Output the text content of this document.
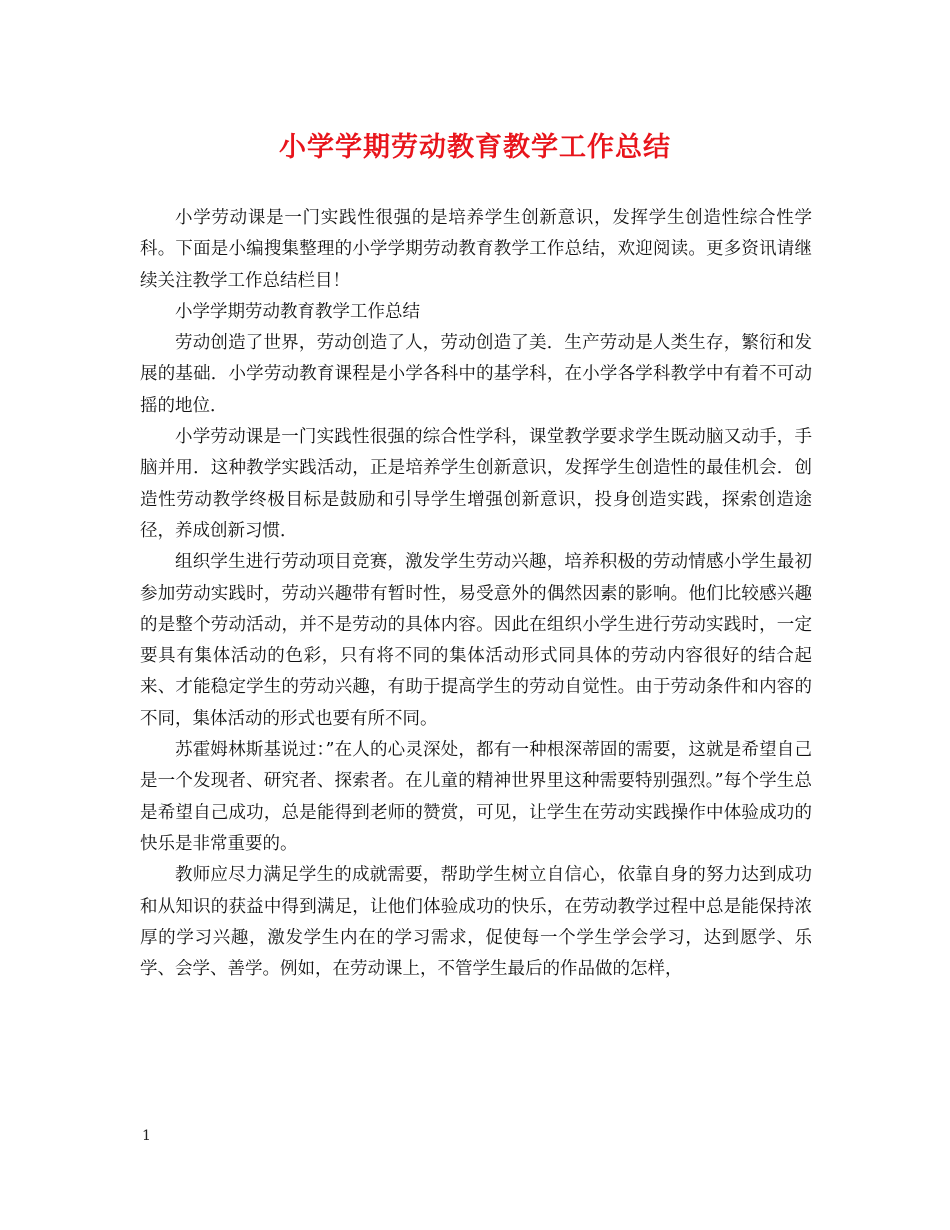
小学学期劳动教育教学工作总结

小学劳动课是一门实践性很强的是培养学生创新意识，发挥学生创造性综合性学科。下面是小编搜集整理的小学学期劳动教育教学工作总结，欢迎阅读。更多资讯请继续关注教学工作总结栏目！

小学学期劳动教育教学工作总结

劳动创造了世界，劳动创造了人，劳动创造了美．生产劳动是人类生存，繁衍和发展的基础．小学劳动教育课程是小学各科中的基学科，在小学各学科教学中有着不可动摇的地位．

小学劳动课是一门实践性很强的综合性学科，课堂教学要求学生既动脑又动手，手脑并用．这种教学实践活动，正是培养学生创新意识，发挥学生创造性的最佳机会．创造性劳动教学终极目标是鼓励和引导学生增强创新意识，投身创造实践，探索创造途径，养成创新习惯．

组织学生进行劳动项目竞赛，激发学生劳动兴趣，培养积极的劳动情感小学生最初参加劳动实践时，劳动兴趣带有暂时性，易受意外的偶然因素的影响。他们比较感兴趣的是整个劳动活动，并不是劳动的具体内容。因此在组织小学生进行劳动实践时，一定要具有集体活动的色彩，只有将不同的集体活动形式同具体的劳动内容很好的结合起来、才能稳定学生的劳动兴趣，有助于提高学生的劳动自觉性。由于劳动条件和内容的不同，集体活动的形式也要有所不同。

苏霍姆林斯基说过：”在人的心灵深处，都有一种根深蒂固的需要，这就是希望自己是一个发现者、研究者、探索者。在儿童的精神世界里这种需要特别强烈。”每个学生总是希望自己成功，总是能得到老师的赞赏，可见，让学生在劳动实践操作中体验成功的快乐是非常重要的。

教师应尽力满足学生的成就需要，帮助学生树立自信心，依靠自身的努力达到成功和从知识的获益中得到满足，让他们体验成功的快乐，在劳动教学过程中总是能保持浓厚的学习兴趣，激发学生内在的学习需求，促使每一个学生学会学习，达到愿学、乐学、会学、善学。例如，在劳动课上，不管学生最后的作品做的怎样，

1
